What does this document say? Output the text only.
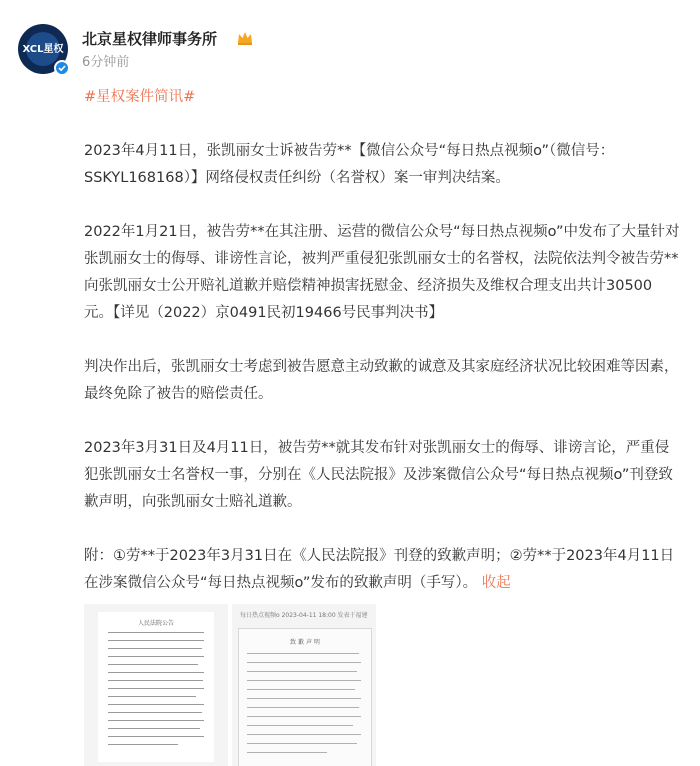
XCL星权
北京星权律师事务所
6分钟前

#星权案件简讯#

2023年4月11日，张凯丽女士诉被告劳**【微信公众号“每日热点视频o”（微信号：SSKYL168168）】网络侵权责任纠纷（名誉权）案一审判决结案。

2022年1月21日，被告劳**在其注册、运营的微信公众号“每日热点视频o”中发布了大量针对张凯丽女士的侮辱、诽谤性言论，被判严重侵犯张凯丽女士的名誉权，法院依法判令被告劳**向张凯丽女士公开赔礼道歉并赔偿精神损害抚慰金、经济损失及维权合理支出共计30500元。【详见（2022）京0491民初19466号民事判决书】

判决作出后，张凯丽女士考虑到被告愿意主动致歉的诚意及其家庭经济状况比较困难等因素，最终免除了被告的赔偿责任。

2023年3月31日及4月11日，被告劳**就其发布针对张凯丽女士的侮辱、诽谤言论，严重侵犯张凯丽女士名誉权一事，分别在《人民法院报》及涉案微信公众号“每日热点视频o”刊登致歉声明，向张凯丽女士赔礼道歉。

附：①劳**于2023年3月31日在《人民法院报》刊登的致歉声明；②劳**于2023年4月11日在涉案微信公众号“每日热点视频o”发布的致歉声明（手写）。 收起

人民法院公告
每日热点视频o 2023-04-11 18:00 发表于福建
致 歉 声 明
